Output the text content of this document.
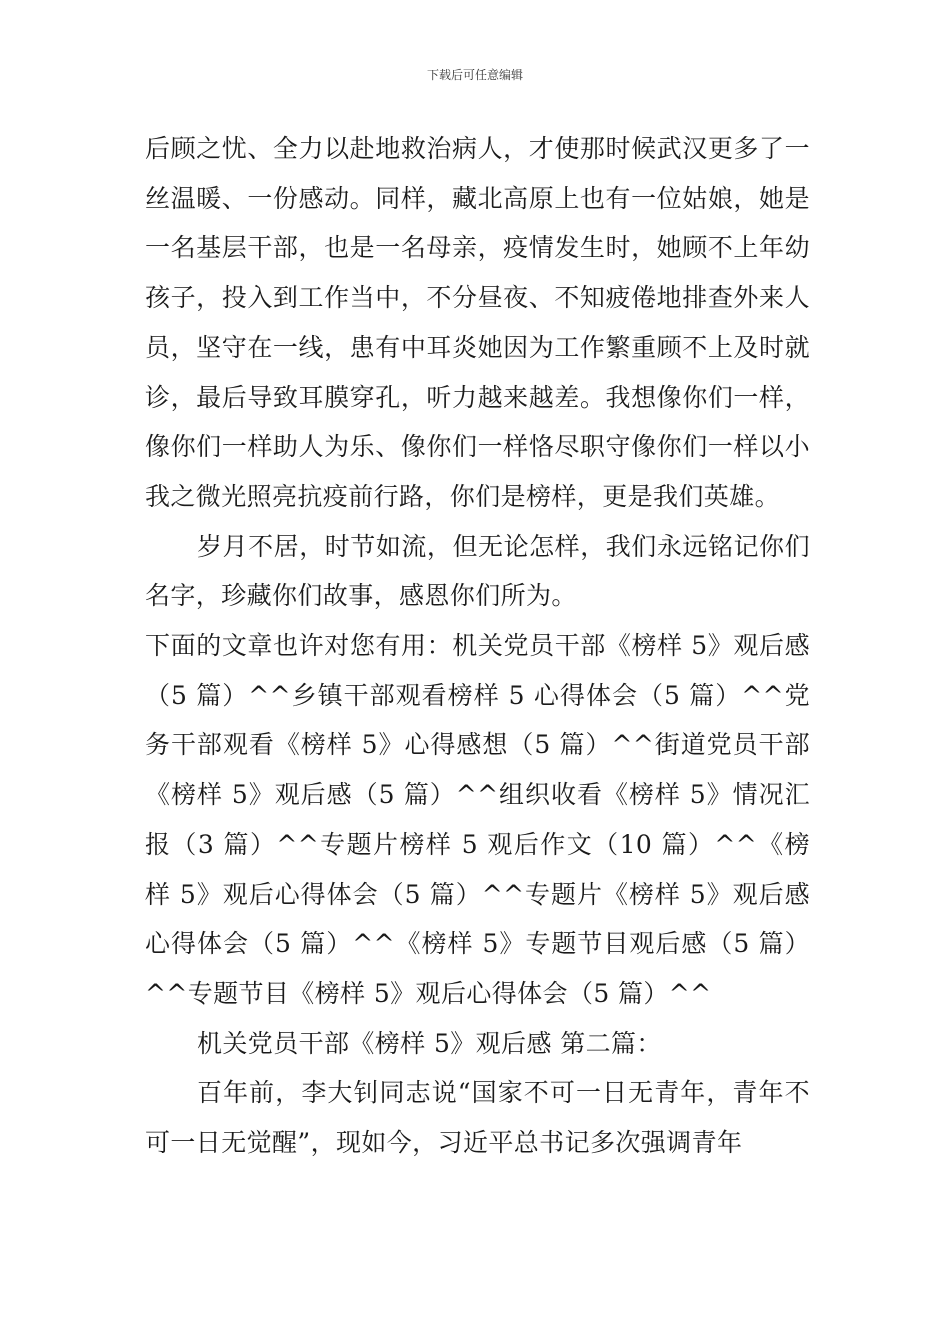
下载后可任意编辑

后顾之忧、全力以赴地救治病人，才使那时候武汉更多了一丝温暖、一份感动。同样，藏北高原上也有一位姑娘，她是一名基层干部，也是一名母亲，疫情发生时，她顾不上年幼孩子，投入到工作当中，不分昼夜、不知疲倦地排查外来人员，坚守在一线，患有中耳炎她因为工作繁重顾不上及时就诊，最后导致耳膜穿孔，听力越来越差。我想像你们一样，像你们一样助人为乐、像你们一样恪尽职守像你们一样以小我之微光照亮抗疫前行路，你们是榜样，更是我们英雄。

岁月不居，时节如流，但无论怎样，我们永远铭记你们名字，珍藏你们故事，感恩你们所为。

下面的文章也许对您有用：机关党员干部《榜样 5》观后感（5 篇）^^乡镇干部观看榜样 5 心得体会（5 篇）^^党务干部观看《榜样 5》心得感想（5 篇）^^街道党员干部《榜样 5》观后感（5 篇）^^组织收看《榜样 5》情况汇报（3 篇）^^专题片榜样 5 观后作文（10 篇）^^《榜样 5》观后心得体会（5 篇）^^专题片《榜样 5》观后感心得体会（5 篇）^^《榜样 5》专题节目观后感（5 篇）^^专题节目《榜样 5》观后心得体会（5 篇）^^

机关党员干部《榜样 5》观后感 第二篇：

百年前，李大钊同志说“国家不可一日无青年，青年不可一日无觉醒”，现如今，习近平总书记多次强调青年
